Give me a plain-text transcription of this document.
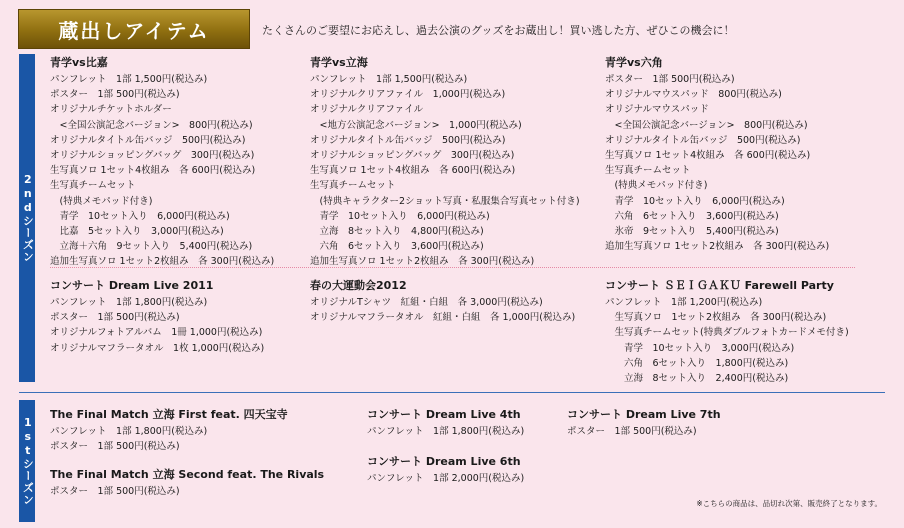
蔵出しアイテム	たくさんのご要望にお応えし、過去公演のグッズをお蔵出し！買い逃した方、ぜひこの機会に！
2ndシーズン
青学vs比嘉
パンフレット　1部 1,500円(税込み)
ポスター　1部 500円(税込み)
オリジナルチケットホルダー
　<全国公演記念バージョン>　800円(税込み)
オリジナルタイトル缶バッジ　500円(税込み)
オリジナルショッピングバッグ　300円(税込み)
生写真ソロ 1セット4枚組み　各 600円(税込み)
生写真チームセット
　(特典メモパッド付き)
　青学　10セット入り　6,000円(税込み)
　比嘉　5セット入り　3,000円(税込み)
　立海＋六角　9セット入り　5,400円(税込み)
追加生写真ソロ 1セット2枚組み　各 300円(税込み)
青学vs立海
パンフレット　1部 1,500円(税込み)
オリジナルクリアファイル　1,000円(税込み)
オリジナルクリアファイル
　<地方公演記念バージョン>　1,000円(税込み)
オリジナルタイトル缶バッジ　500円(税込み)
オリジナルショッピングバッグ　300円(税込み)
生写真ソロ 1セット4枚組み　各 600円(税込み)
生写真チームセット
　(特典キャラクター2ショット写真・私服集合写真セット付き)
　青学　10セット入り　6,000円(税込み)
　立海　8セット入り　4,800円(税込み)
　六角　6セット入り　3,600円(税込み)
追加生写真ソロ 1セット2枚組み　各 300円(税込み)
青学vs六角
ポスター　1部 500円(税込み)
オリジナルマウスパッド　800円(税込み)
オリジナルマウスパッド
　<全国公演記念バージョン>　800円(税込み)
オリジナルタイトル缶バッジ　500円(税込み)
生写真ソロ 1セット4枚組み　各 600円(税込み)
生写真チームセット
　(特典メモパッド付き)
　青学　10セット入り　6,000円(税込み)
　六角　6セット入り　3,600円(税込み)
　氷帝　9セット入り　5,400円(税込み)
追加生写真ソロ 1セット2枚組み　各 300円(税込み)
コンサート Dream Live 2011
パンフレット　1部 1,800円(税込み)
ポスター　1部 500円(税込み)
オリジナルフォトアルバム　1冊 1,000円(税込み)
オリジナルマフラータオル　1枚 1,000円(税込み)
春の大運動会2012
オリジナルTシャツ　紅組・白組　各 3,000円(税込み)
オリジナルマフラータオル　紅組・白組　各 1,000円(税込み)
コンサート ＳＥＩＧＡＫＵ Farewell Party
パンフレット　1部 1,200円(税込み)
　生写真ソロ　1セット2枚組み　各 300円(税込み)
　生写真チームセット(特典ダブルフォトカードメモ付き)
　　青学　10セット入り　3,000円(税込み)
　　六角　6セット入り　1,800円(税込み)
　　立海　8セット入り　2,400円(税込み)
1stシーズン
The Final Match 立海 First feat. 四天宝寺
パンフレット　1部 1,800円(税込み)
ポスター　1部 500円(税込み)
The Final Match 立海 Second feat. The Rivals
ポスター　1部 500円(税込み)
コンサート Dream Live 4th
パンフレット　1部 1,800円(税込み)
コンサート Dream Live 6th
パンフレット　1部 2,000円(税込み)
コンサート Dream Live 7th
ポスター　1部 500円(税込み)
※こちらの商品は、品切れ次第、販売終了となります。
